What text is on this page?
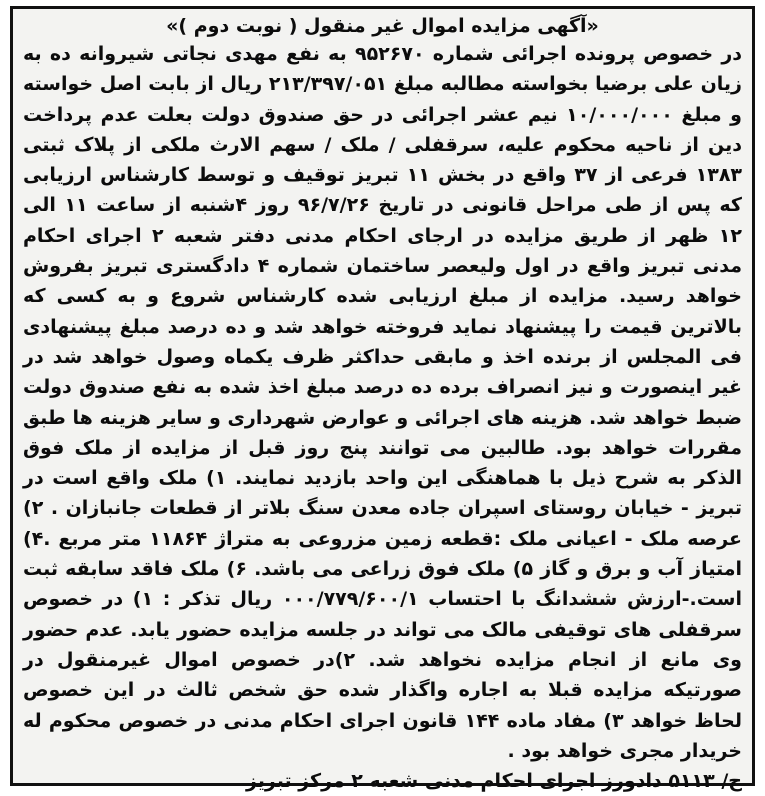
«آگهی مزایده اموال غیر منقول ( نوبت دوم )»

در خصوص پرونده اجرائی شماره ۹۵۲۶۷۰ به نفع مهدی نجاتی شیروانه ده به زیان علی برضیا بخواسته مطالبه مبلغ ۲۱۳/۳۹۷/۰۵۱ ریال از بابت اصل خواسته و مبلغ ۱۰/۰۰۰/۰۰۰ نیم عشر اجرائی در حق صندوق دولت بعلت عدم پرداخت دین از ناحیه محکوم علیه، سرقفلی / ملک / سهم الارث ملکی از پلاک ثبتی ۱۳۸۳ فرعی از ۳۷ واقع در بخش ۱۱ تبریز توقیف و توسط کارشناس ارزیابی که پس از طی مراحل قانونی در تاریخ ۹۶/۷/۲۶ روز ۴شنبه از ساعت ۱۱ الی ۱۲ ظهر از طریق مزایده در ارجای احکام مدنی دفتر شعبه ۲ اجرای احکام مدنی تبریز واقع در اول ولیعصر ساختمان شماره ۴ دادگستری تبریز بفروش خواهد رسید. مزایده از مبلغ ارزیابی شده کارشناس شروع و به کسی که بالاترین قیمت را پیشنهاد نماید فروخته خواهد شد و ده درصد مبلغ پیشنهادی فی المجلس از برنده اخذ و مابقی حداکثر ظرف یکماه وصول خواهد شد در غیر اینصورت و نیز انصراف برده ده درصد مبلغ اخذ شده به نفع صندوق دولت ضبط خواهد شد. هزینه های اجرائی و عوارض شهرداری و سایر هزینه ها طبق مقررات خواهد بود. طالبین می توانند پنج روز قبل از مزایده از ملک فوق الذکر به شرح ذیل با هماهنگی این واحد بازدید نمایند. ۱) ملک واقع است در تبریز - خیابان روستای اسپران جاده معدن سنگ بلاتر از قطعات جانبازان . ۲) عرصه ملک - اعیانی ملک :قطعه زمین مزروعی به متراژ ۱۱۸۶۴ متر مربع .۴) امتیاز آب و برق و گاز ۵) ملک فوق زراعی می باشد. ۶) ملک فاقد سابقه ثبت است.-ارزش ششدانگ با احتساب ۰۰۰/۷۷۹/۶۰۰/۱ ریال تذکر : ۱) در خصوص سرقفلی های توقیفی مالک می تواند در جلسه مزایده حضور یابد. عدم حضور وی مانع از انجام مزایده نخواهد شد. ۲)در خصوص اموال غیرمنقول در صورتیکه مزایده قبلا به اجاره واگذار شده حق شخص ثالث در این خصوص لحاظ خواهد ۳) مفاد ماده ۱۴۴ قانون اجرای احکام مدنی در خصوص محکوم له خریدار مجری خواهد بود .

ح/ ۵۱۱۳ دادورز اجرای احکام مدنی شعبه ۲ مرکز تبریز
